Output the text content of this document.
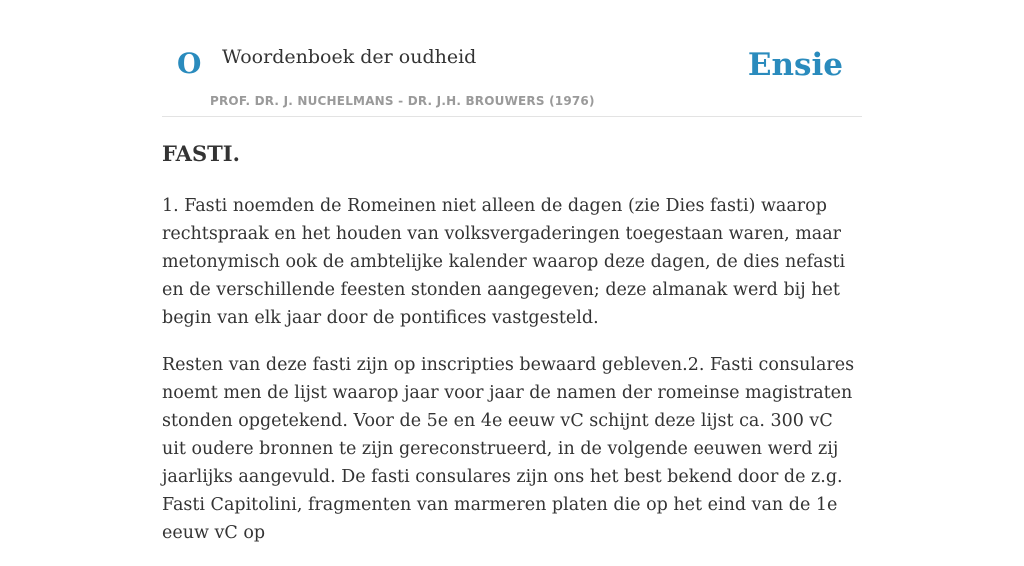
O Woordenboek der oudheid
PROF. DR. J. NUCHELMANS - DR. J.H. BROUWERS (1976)
Ensie
FASTI.

1. Fasti noemden de Romeinen niet alleen de dagen (zie Dies fasti) waarop rechtspraak en het houden van volksvergaderingen toegestaan waren, maar metonymisch ook de ambtelijke kalender waarop deze dagen, de dies nefasti en de verschillende feesten stonden aangegeven; deze almanak werd bij het begin van elk jaar door de pontifices vastgesteld.

Resten van deze fasti zijn op inscripties bewaard gebleven.2. Fasti consulares noemt men de lijst waarop jaar voor jaar de namen der romeinse magistraten stonden opgetekend. Voor de 5e en 4e eeuw vC schijnt deze lijst ca. 300 vC uit oudere bronnen te zijn gereconstrueerd, in de volgende eeuwen werd zij jaarlijks aangevuld. De fasti consulares zijn ons het best bekend door de z.g. Fasti Capitolini, fragmenten van marmeren platen die op het eind van de 1e eeuw vC op
